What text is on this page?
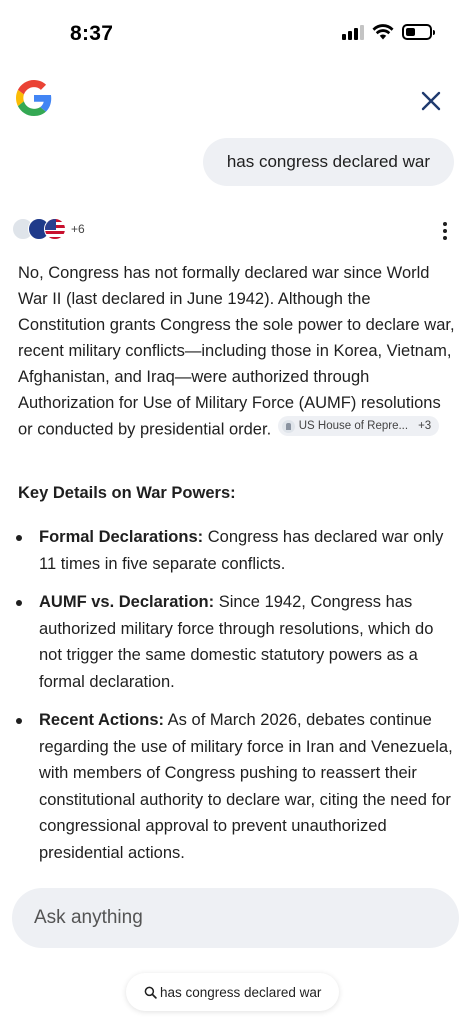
8:37
has congress declared war
+6
No, Congress has not formally declared war since World War II (last declared in June 1942). Although the Constitution grants Congress the sole power to declare war, recent military conflicts—including those in Korea, Vietnam, Afghanistan, and Iraq—were authorized through Authorization for Use of Military Force (AUMF) resolutions or conducted by presidential order. US House of Repre... +3
Key Details on War Powers:
Formal Declarations: Congress has declared war only 11 times in five separate conflicts.
AUMF vs. Declaration: Since 1942, Congress has authorized military force through resolutions, which do not trigger the same domestic statutory powers as a formal declaration.
Recent Actions: As of March 2026, debates continue regarding the use of military force in Iran and Venezuela, with members of Congress pushing to reassert their constitutional authority to declare war, citing the need for congressional approval to prevent unauthorized presidential actions.
Ask anything
has congress declared war
